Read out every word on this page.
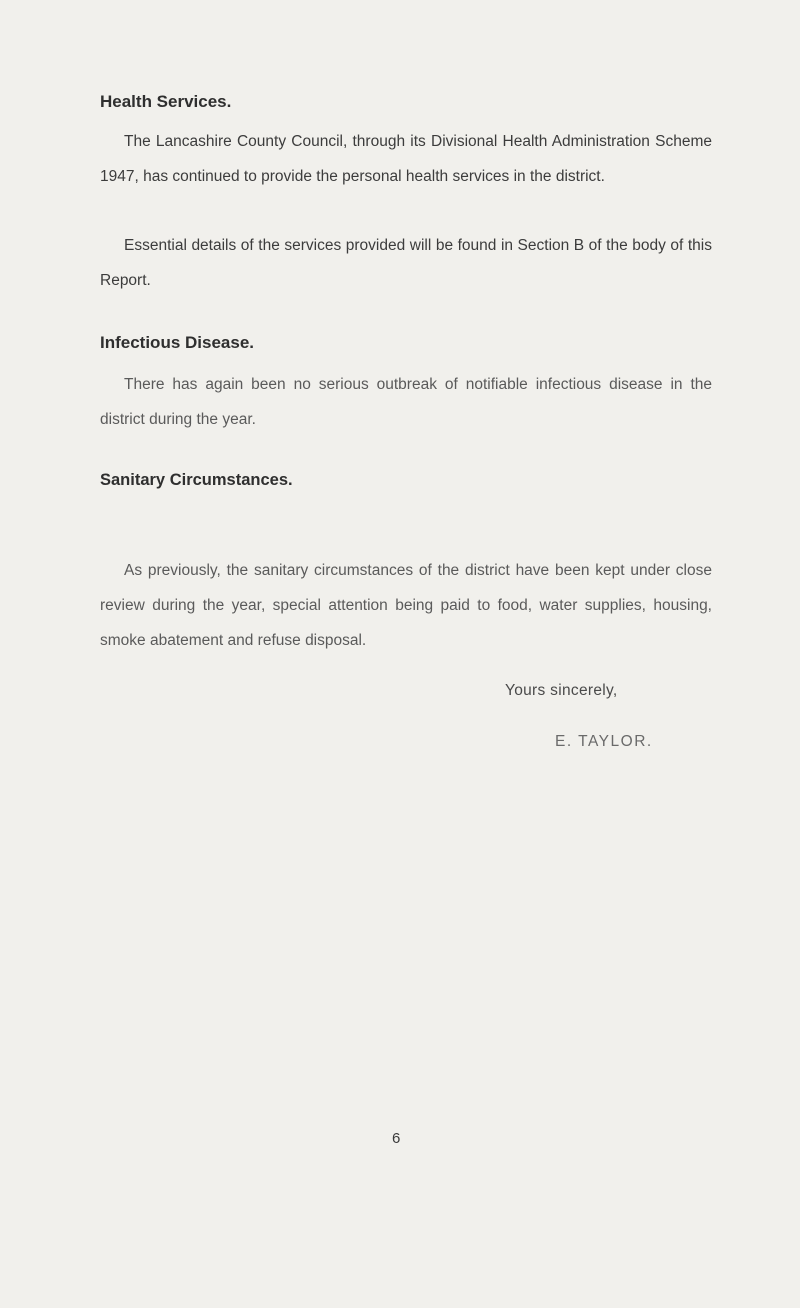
Health Services.

The Lancashire County Council, through its Divisional Health Administration Scheme 1947, has continued to provide the personal health services in the district.

Essential details of the services provided will be found in Section B of the body of this Report.

Infectious Disease.

There has again been no serious outbreak of notifiable infectious disease in the district during the year.

Sanitary Circumstances.

As previously, the sanitary circumstances of the district have been kept under close review during the year, special attention being paid to food, water supplies, housing, smoke abatement and refuse disposal.

Yours sincerely,
E. TAYLOR.
6
